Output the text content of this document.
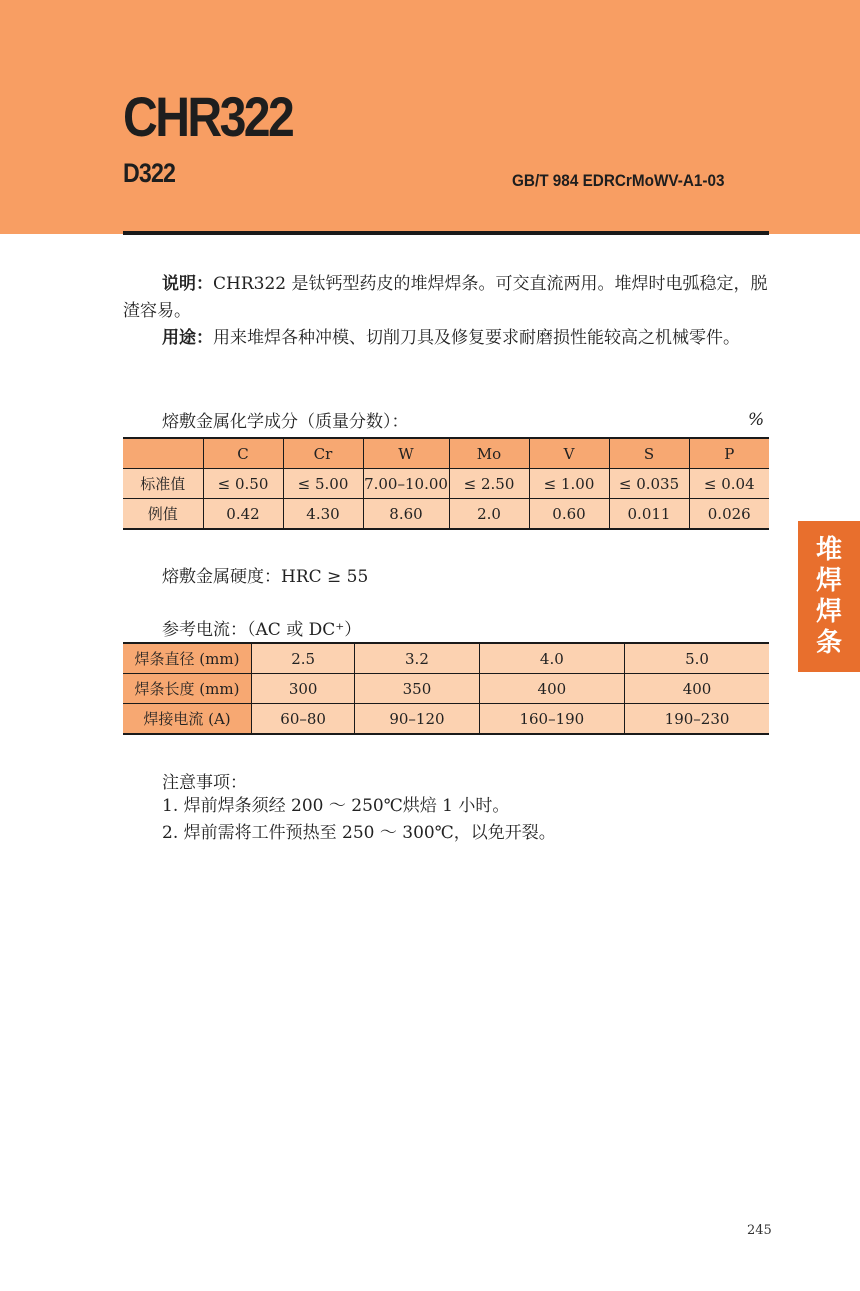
CHR322
D322	GB/T 984 EDRCrMoWV-A1-03
说明：CHR322 是钛钙型药皮的堆焊焊条。可交直流两用。堆焊时电弧稳定，脱渣容易。
用途：用来堆焊各种冲模、切削刀具及修复要求耐磨损性能较高之机械零件。
熔敷金属化学成分（质量分数）：	%
	C	Cr	W	Mo	V	S	P
标准值	≤ 0.50	≤ 5.00	7.00–10.00	≤ 2.50	≤ 1.00	≤ 0.035	≤ 0.04
例值	0.42	4.30	8.60	2.0	0.60	0.011	0.026
熔敷金属硬度：HRC ≥ 55
参考电流：（AC 或 DC⁺）
焊条直径 (mm)	2.5	3.2	4.0	5.0
焊条长度 (mm)	300	350	400	400
焊接电流 (A)	60–80	90–120	160–190	190–230
注意事项：
1. 焊前焊条须经 200 ～ 250℃烘焙 1 小时。
2. 焊前需将工件预热至 250 ～ 300℃，以免开裂。
堆
焊
焊
条
245
